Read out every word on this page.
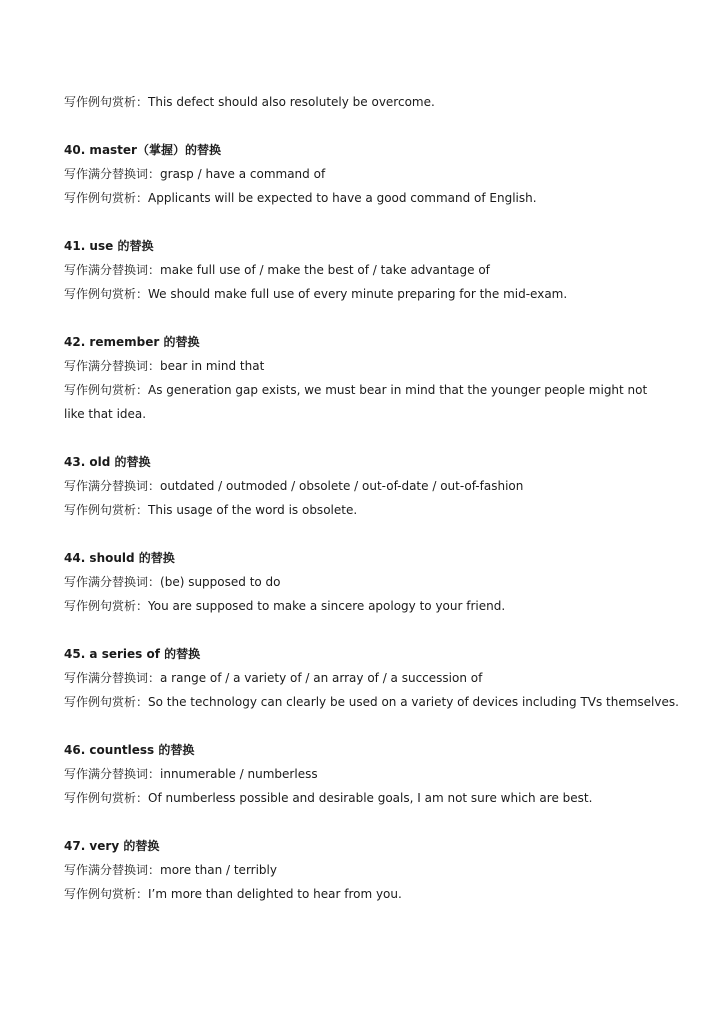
写作例句赏析：This defect should also resolutely be overcome.
40. master（掌握）的替换
写作满分替换词：grasp / have a command of
写作例句赏析：Applicants will be expected to have a good command of English.
41. use 的替换
写作满分替换词：make full use of / make the best of / take advantage of
写作例句赏析：We should make full use of every minute preparing for the mid-exam.
42. remember 的替换
写作满分替换词：bear in mind that
写作例句赏析：As generation gap exists, we must bear in mind that the younger people might not like that idea.
43. old 的替换
写作满分替换词：outdated / outmoded / obsolete / out-of-date / out-of-fashion
写作例句赏析：This usage of the word is obsolete.
44. should 的替换
写作满分替换词：(be) supposed to do
写作例句赏析：You are supposed to make a sincere apology to your friend.
45. a series of 的替换
写作满分替换词：a range of / a variety of / an array of / a succession of
写作例句赏析：So the technology can clearly be used on a variety of devices including TVs themselves.
46. countless 的替换
写作满分替换词：innumerable / numberless
写作例句赏析：Of numberless possible and desirable goals, I am not sure which are best.
47. very 的替换
写作满分替换词：more than / terribly
写作例句赏析：I’m more than delighted to hear from you.
